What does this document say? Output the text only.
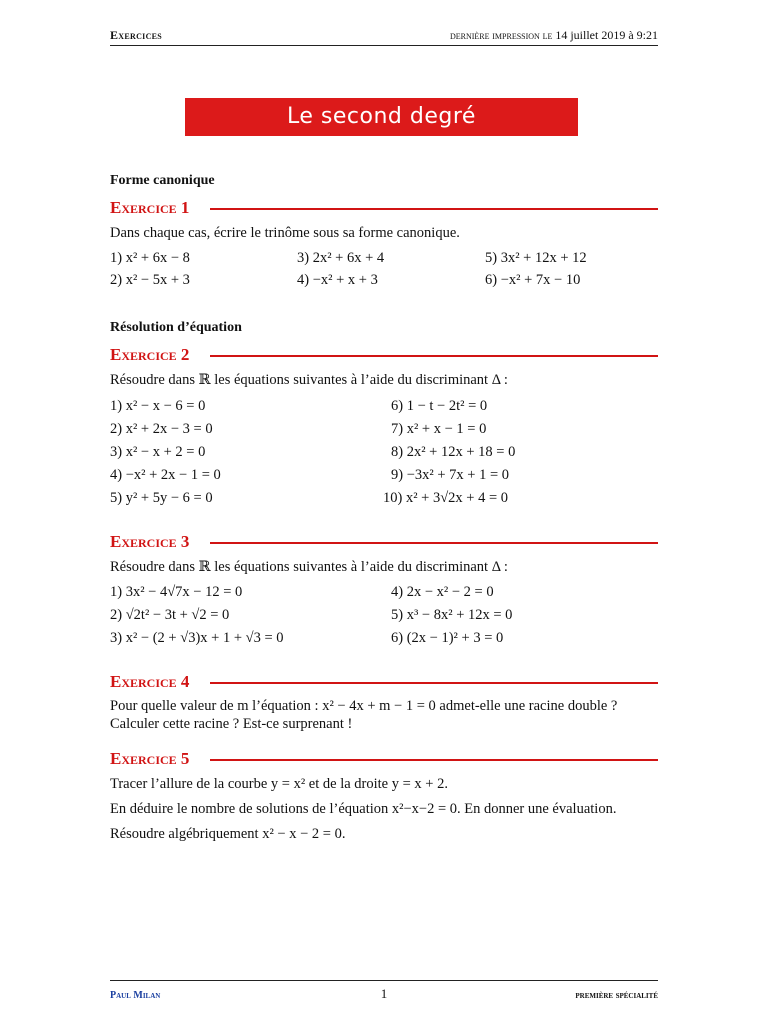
Exercices	dernière impression le 14 juillet 2019 à 9:21
Le second degré
Forme canonique
Exercice 1
Dans chaque cas, écrire le trinôme sous sa forme canonique.
1) x² + 6x − 8
2) x² − 5x + 3
3) 2x² + 6x + 4
4) −x² + x + 3
5) 3x² + 12x + 12
6) −x² + 7x − 10
Résolution d’équation
Exercice 2
Résoudre dans ℝ les équations suivantes à l’aide du discriminant Δ :
1) x² − x − 6 = 0
2) x² + 2x − 3 = 0
3) x² − x + 2 = 0
4) −x² + 2x − 1 = 0
5) y² + 5y − 6 = 0
6) 1 − t − 2t² = 0
7) x² + x − 1 = 0
8) 2x² + 12x + 18 = 0
9) −3x² + 7x + 1 = 0
10) x² + 3√2x + 4 = 0
Exercice 3
Résoudre dans ℝ les équations suivantes à l’aide du discriminant Δ :
1) 3x² − 4√7x − 12 = 0
2) √2t² − 3t + √2 = 0
3) x² − (2 + √3)x + 1 + √3 = 0
4) 2x − x² − 2 = 0
5) x³ − 8x² + 12x = 0
6) (2x − 1)² + 3 = 0
Exercice 4
Pour quelle valeur de m l’équation : x² − 4x + m − 1 = 0 admet-elle une racine double ?
Calculer cette racine ? Est-ce surprenant !
Exercice 5
Tracer l’allure de la courbe y = x² et de la droite y = x + 2.
En déduire le nombre de solutions de l’équation x²−x−2 = 0. En donner une évaluation.
Résoudre algébriquement x² − x − 2 = 0.
Paul Milan	1	première spécialité
